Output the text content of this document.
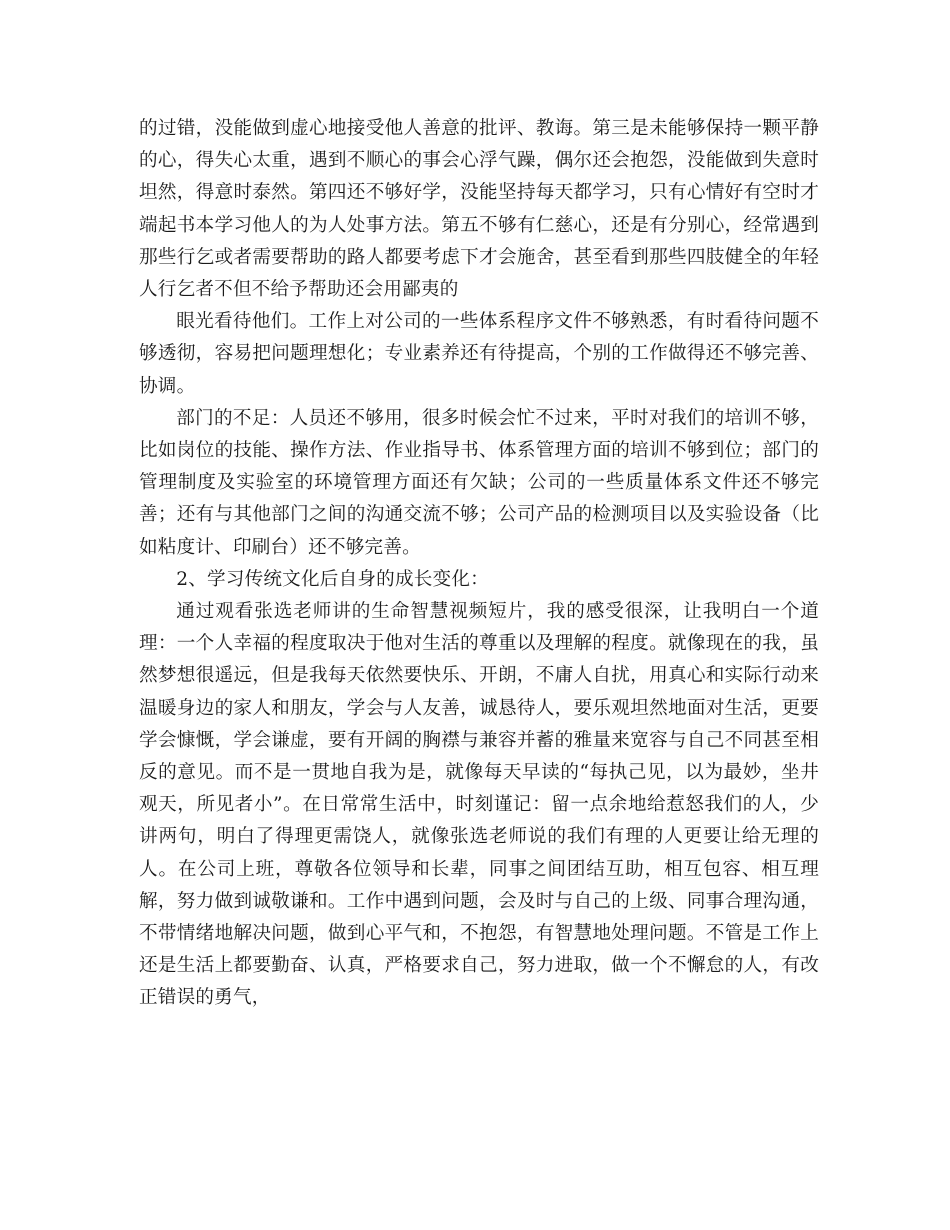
的过错，没能做到虚心地接受他人善意的批评、教诲。第三是未能够保持一颗平静的心，得失心太重，遇到不顺心的事会心浮气躁，偶尔还会抱怨，没能做到失意时坦然，得意时泰然。第四还不够好学，没能坚持每天都学习，只有心情好有空时才端起书本学习他人的为人处事方法。第五不够有仁慈心，还是有分别心，经常遇到那些行乞或者需要帮助的路人都要考虑下才会施舍，甚至看到那些四肢健全的年轻人行乞者不但不给予帮助还会用鄙夷的

眼光看待他们。工作上对公司的一些体系程序文件不够熟悉，有时看待问题不够透彻，容易把问题理想化；专业素养还有待提高，个别的工作做得还不够完善、协调。

部门的不足：人员还不够用，很多时候会忙不过来，平时对我们的培训不够，比如岗位的技能、操作方法、作业指导书、体系管理方面的培训不够到位；部门的管理制度及实验室的环境管理方面还有欠缺；公司的一些质量体系文件还不够完善；还有与其他部门之间的沟通交流不够；公司产品的检测项目以及实验设备（比如粘度计、印刷台）还不够完善。

2、学习传统文化后自身的成长变化：

通过观看张选老师讲的生命智慧视频短片，我的感受很深，让我明白一个道理：一个人幸福的程度取决于他对生活的尊重以及理解的程度。就像现在的我，虽然梦想很遥远，但是我每天依然要快乐、开朗，不庸人自扰，用真心和实际行动来温暖身边的家人和朋友，学会与人友善，诚恳待人，要乐观坦然地面对生活，更要学会慷慨，学会谦虚，要有开阔的胸襟与兼容并蓄的雅量来宽容与自己不同甚至相反的意见。而不是一贯地自我为是，就像每天早读的“每执己见，以为最妙，坐井观天，所见者小”。在日常常生活中，时刻谨记：留一点余地给惹怒我们的人，少讲两句，明白了得理更需饶人，就像张选老师说的我们有理的人更要让给无理的人。在公司上班，尊敬各位领导和长辈，同事之间团结互助，相互包容、相互理解，努力做到诚敬谦和。工作中遇到问题，会及时与自己的上级、同事合理沟通，不带情绪地解决问题，做到心平气和，不抱怨，有智慧地处理问题。不管是工作上还是生活上都要勤奋、认真，严格要求自己，努力进取，做一个不懈怠的人，有改正错误的勇气，
